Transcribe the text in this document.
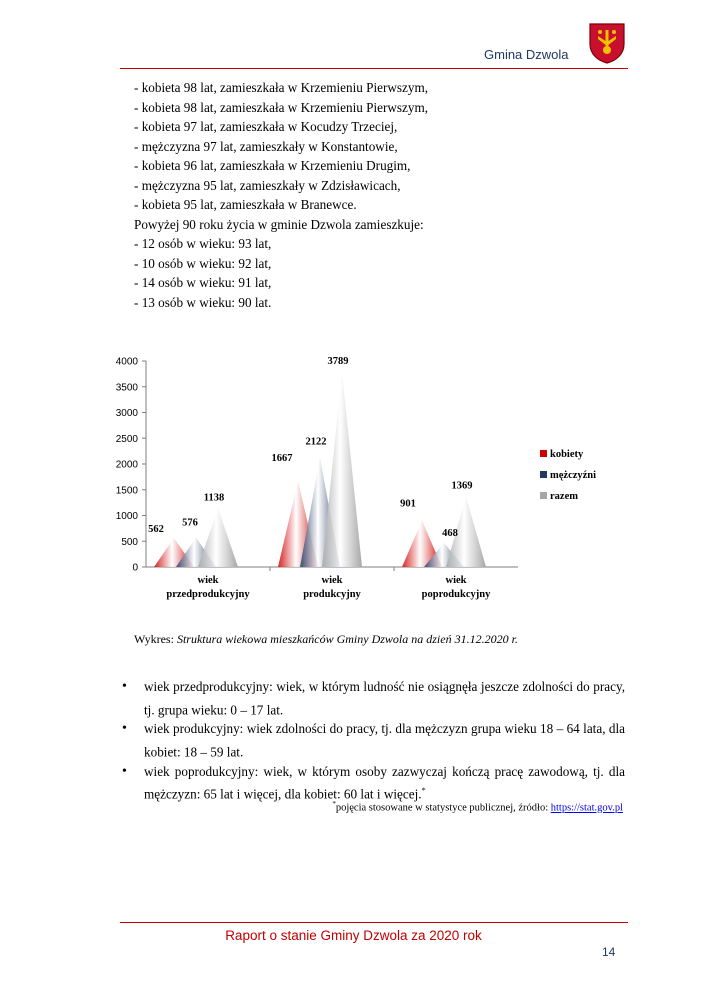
Gmina Dzwola
- kobieta 98 lat, zamieszkała w Krzemieniu Pierwszym,
- kobieta 98 lat, zamieszkała w Krzemieniu Pierwszym,
- kobieta 97 lat, zamieszkała w Kocudzy Trzeciej,
- mężczyzna 97 lat, zamieszkały w Konstantowie,
- kobieta 96 lat, zamieszkała w Krzemieniu Drugim,
- mężczyzna 95 lat, zamieszkały w Zdzisławicach,
- kobieta 95 lat, zamieszkała w Branewce.
Powyżej 90 roku życia w gminie Dzwola zamieszkuje:
- 12 osób w wieku: 93 lat,
- 10 osób w wieku: 92 lat,
- 14 osób w wieku: 91 lat,
- 13 osób w wieku: 90 lat.
0
500
1000
1500
2000
2500
3000
3500
4000
562
576
1138
1667
2122
3789
901
468
1369
wiek
przedprodukcyjny
wiek
produkcyjny
wiek
poprodukcyjny
kobiety
mężczyźni
razem
Wykres: Struktura wiekowa mieszkańców Gminy Dzwola na dzień 31.12.2020 r.
• wiek przedprodukcyjny: wiek, w którym ludność nie osiągnęła jeszcze zdolności do pracy, tj. grupa wieku: 0 – 17 lat.
• wiek produkcyjny: wiek zdolności do pracy, tj. dla mężczyzn grupa wieku 18 – 64 lata, dla kobiet: 18 – 59 lat.
• wiek poprodukcyjny: wiek, w którym osoby zazwyczaj kończą pracę zawodową, tj. dla mężczyzn: 65 lat i więcej, dla kobiet: 60 lat i więcej.*
*pojęcia stosowane w statystyce publicznej, źródło: https://stat.gov.pl
Raport o stanie Gminy Dzwola za 2020 rok
14
